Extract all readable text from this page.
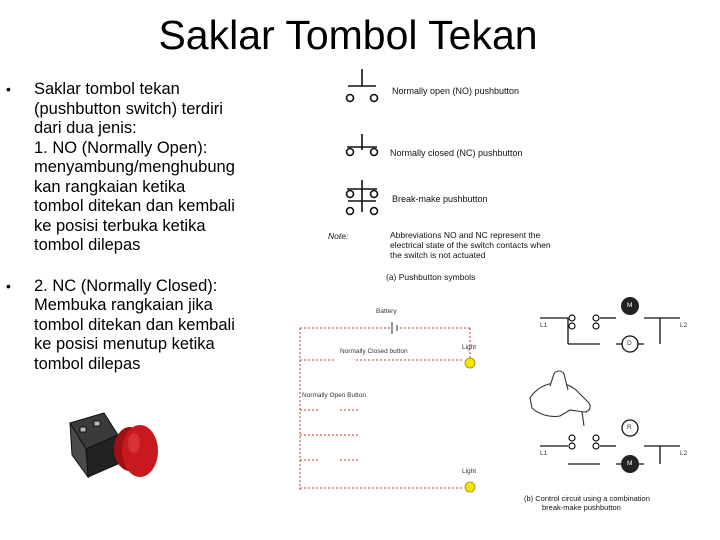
Saklar Tombol Tekan
•	Saklar tombol tekan
(pushbutton switch) terdiri
dari dua jenis:
1. NO (Normally Open):
menyambung/menghubung
kan rangkaian ketika
tombol ditekan dan kembali
ke posisi terbuka ketika
tombol dilepas
•	2. NC (Normally Closed):
Membuka rangkaian jika
tombol ditekan dan kembali
ke posisi menutup ketika
tombol dilepas
Normally open (NO) pushbutton
Normally closed (NC) pushbutton
Break-make pushbutton
Note:	Abbreviations NO and NC represent the
electrical state of the switch contacts when
the switch is not actuated
(a) Pushbutton symbols
Battery
Normally Closed button
Light
Normally Open Button
Light
L1	L2
L1	L2
M
D
R
M
(b) Control circuit using a combination
break-make pushbutton
